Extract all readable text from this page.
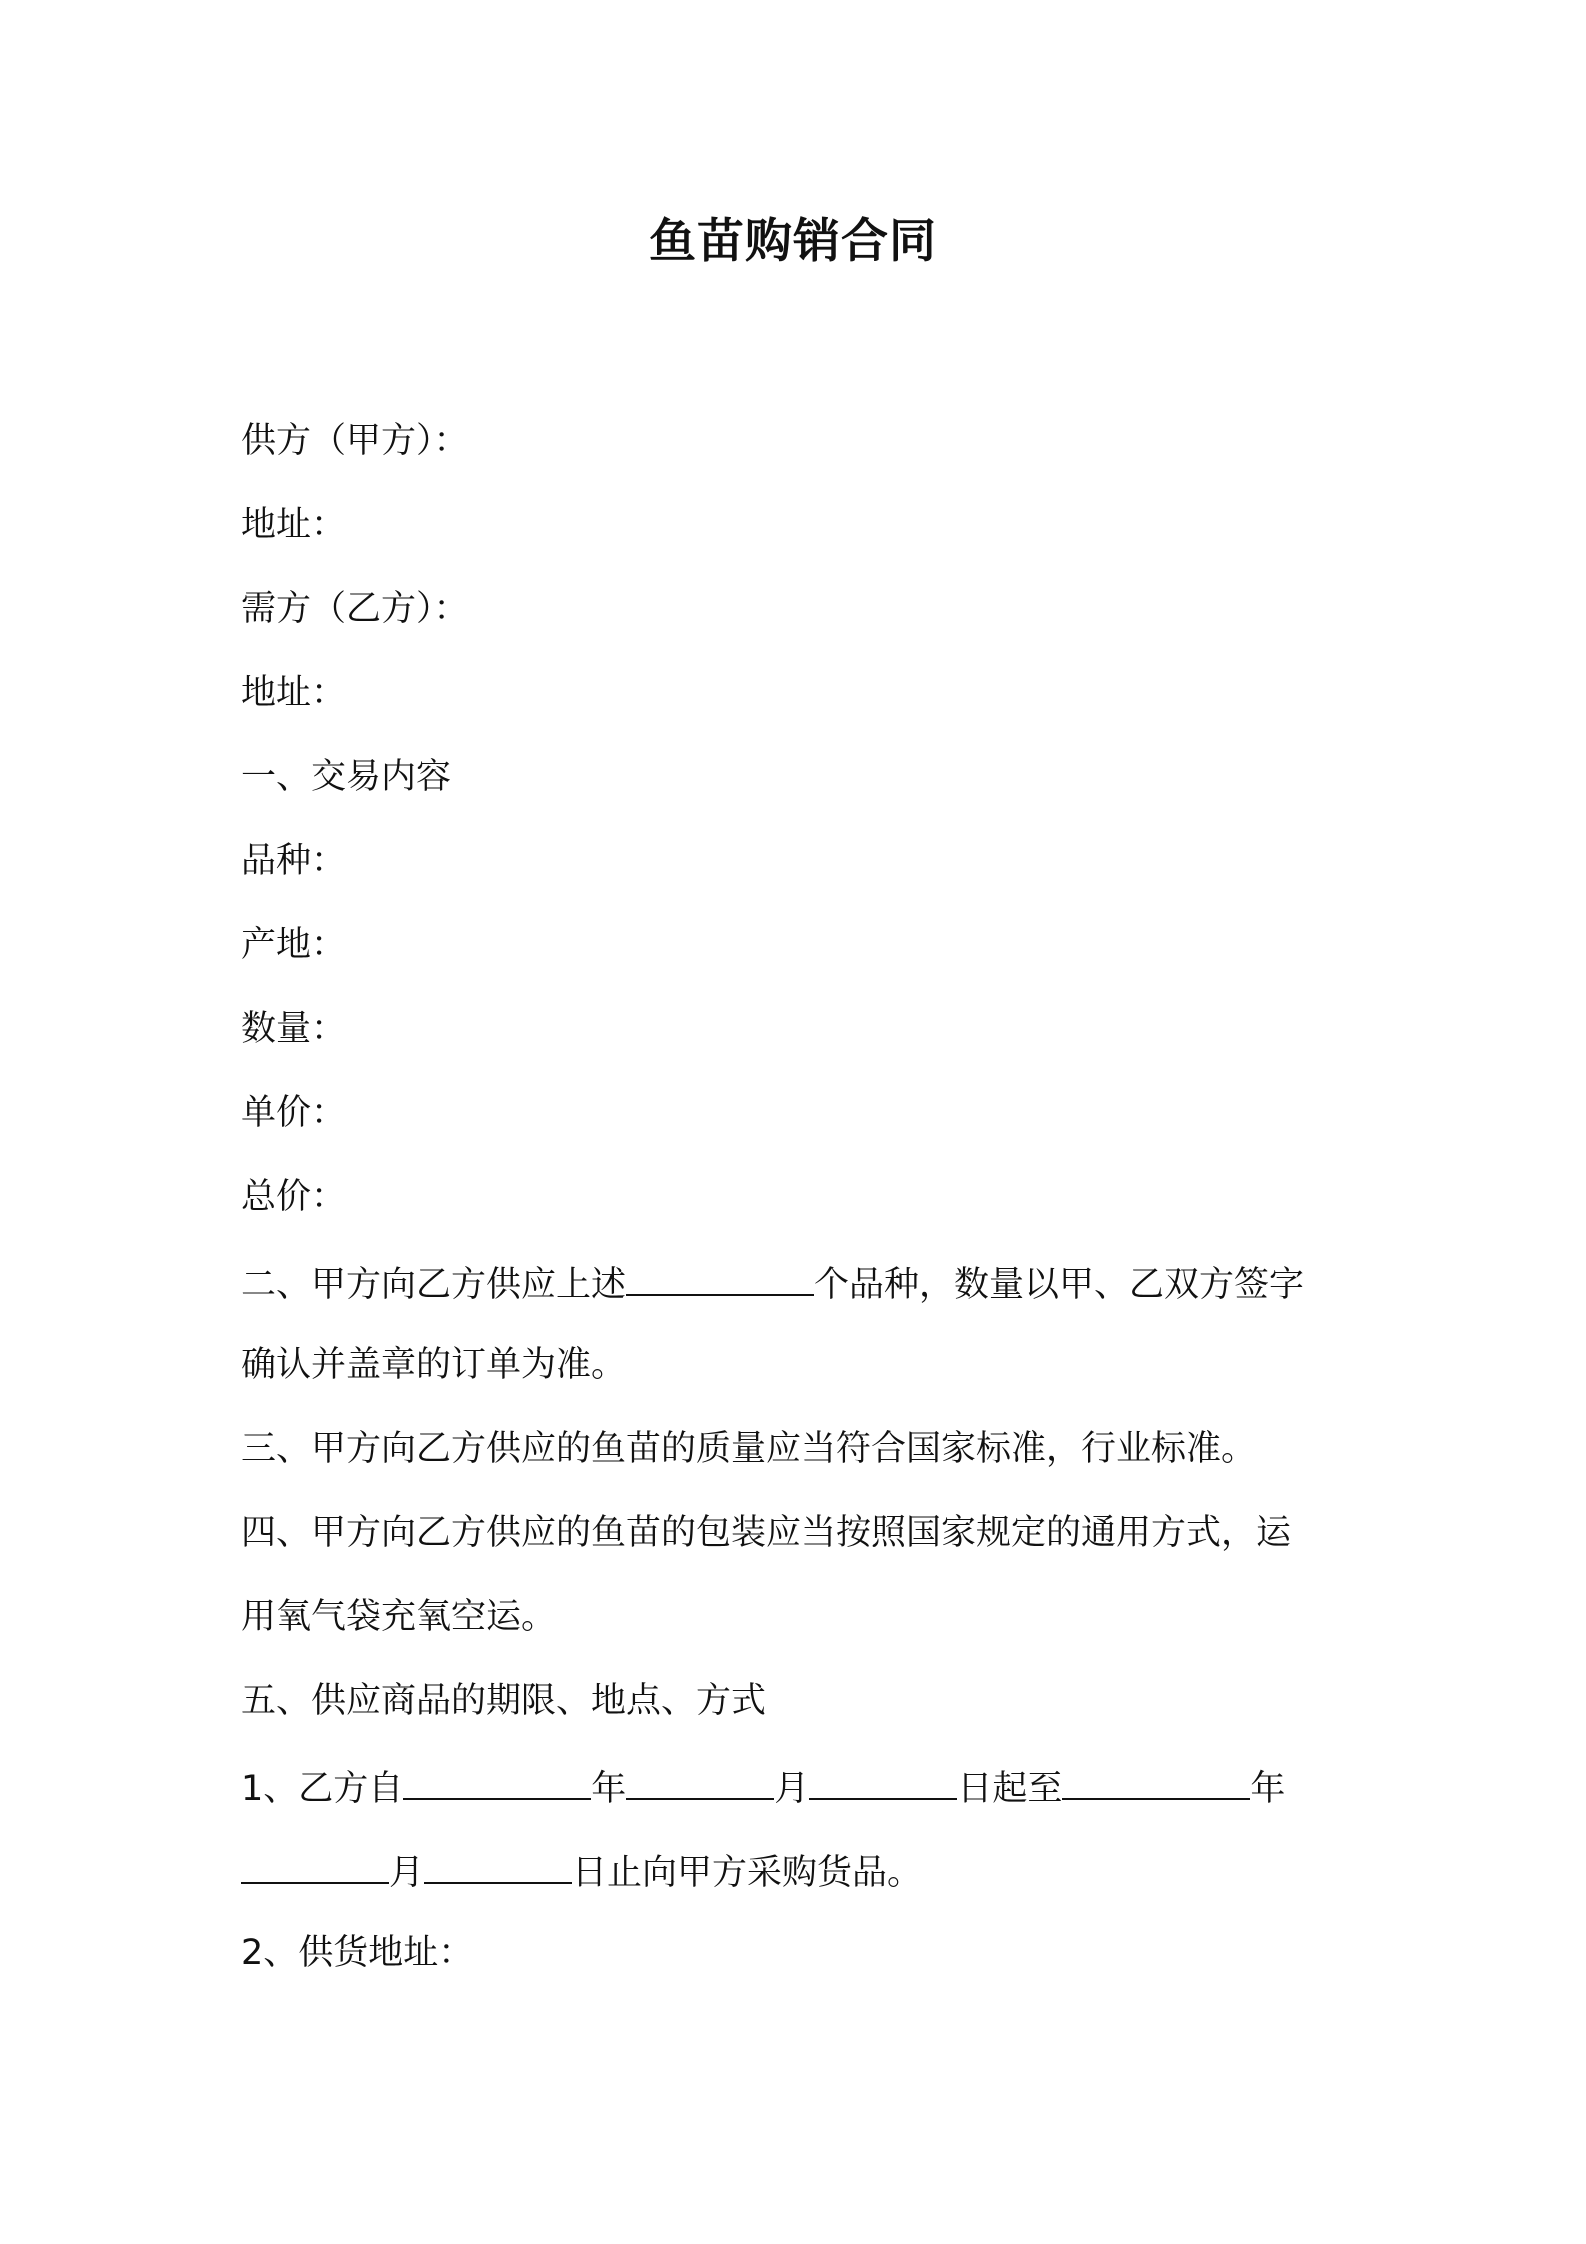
鱼苗购销合同
供方（甲方）：
地址：
需方（乙方）：
地址：
一、交易内容
品种：
产地：
数量：
单价：
总价：
二、甲方向乙方供应上述	个品种，数量以甲、乙双方签字
确认并盖章的订单为准。
三、甲方向乙方供应的鱼苗的质量应当符合国家标准，行业标准。
四、甲方向乙方供应的鱼苗的包装应当按照国家规定的通用方式，运
用氧气袋充氧空运。
五、供应商品的期限、地点、方式
1、乙方自	年	月	日起至	年
月	日止向甲方采购货品。
2、供货地址：
